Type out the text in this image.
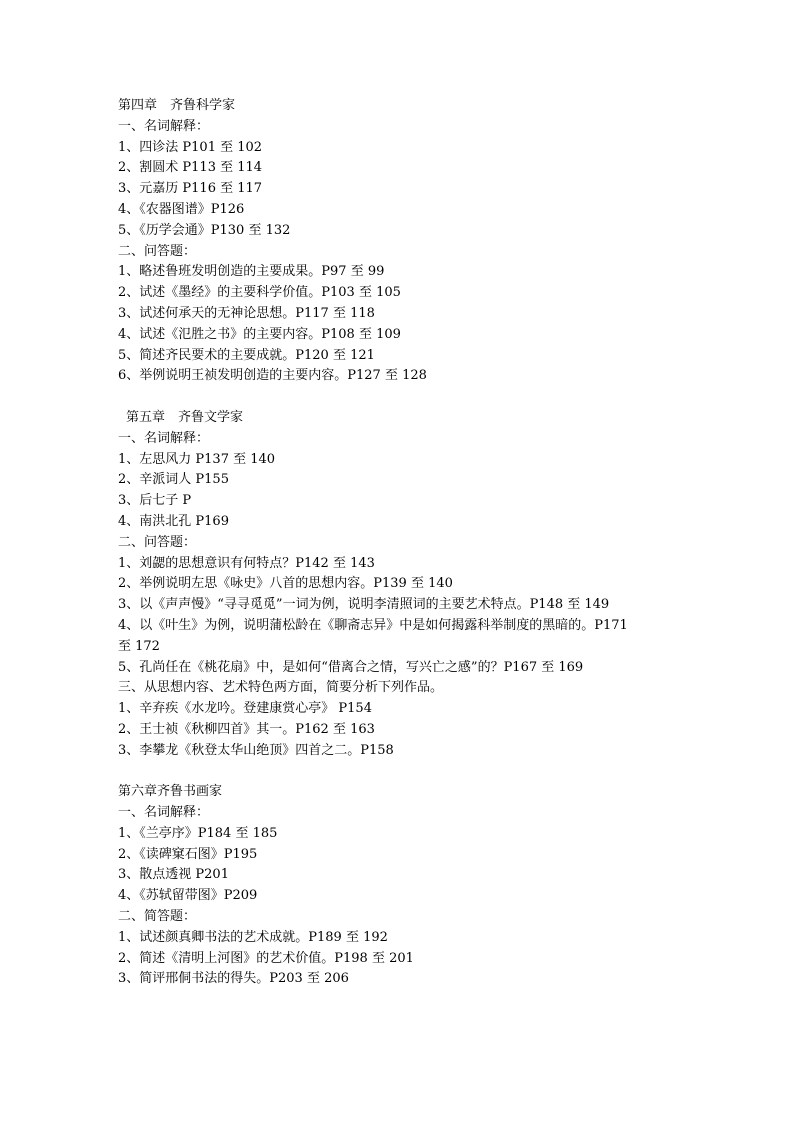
第四章　齐鲁科学家
一、名词解释：
1、四诊法 P101 至 102
2、割圆术 P113 至 114
3、元嘉历 P116 至 117
4、《农器图谱》P126
5、《历学会通》P130 至 132
二、问答题：
1、略述鲁班发明创造的主要成果。P97 至 99
2、试述《墨经》的主要科学价值。P103 至 105
3、试述何承天的无神论思想。P117 至 118
4、试述《氾胜之书》的主要内容。P108 至 109
5、简述齐民要术的主要成就。P120 至 121
6、举例说明王祯发明创造的主要内容。P127 至 128
第五章　齐鲁文学家
一、名词解释：
1、左思风力 P137 至 140
2、辛派词人 P155
3、后七子 P
4、南洪北孔 P169
二、问答题：
1、刘勰的思想意识有何特点？P142 至 143
2、举例说明左思《咏史》八首的思想内容。P139 至 140
3、以《声声慢》“寻寻觅觅”一词为例，说明李清照词的主要艺术特点。P148 至 149
4、以《叶生》为例，说明蒲松龄在《聊斋志异》中是如何揭露科举制度的黑暗的。P171
至 172
5、孔尚任在《桃花扇》中，是如何“借离合之情，写兴亡之感”的？P167 至 169
三、从思想内容、艺术特色两方面，简要分析下列作品。
1、辛弃疾《水龙吟。登建康赏心亭》 P154
2、王士祯《秋柳四首》其一。P162 至 163
3、李攀龙《秋登太华山绝顶》四首之二。P158
第六章齐鲁书画家
一、名词解释：
1、《兰亭序》P184 至 185
2、《读碑窠石图》P195
3、散点透视 P201
4、《苏轼留带图》P209
二、简答题：
1、试述颜真卿书法的艺术成就。P189 至 192
2、简述《清明上河图》的艺术价值。P198 至 201
3、简评邢侗书法的得失。P203 至 206
